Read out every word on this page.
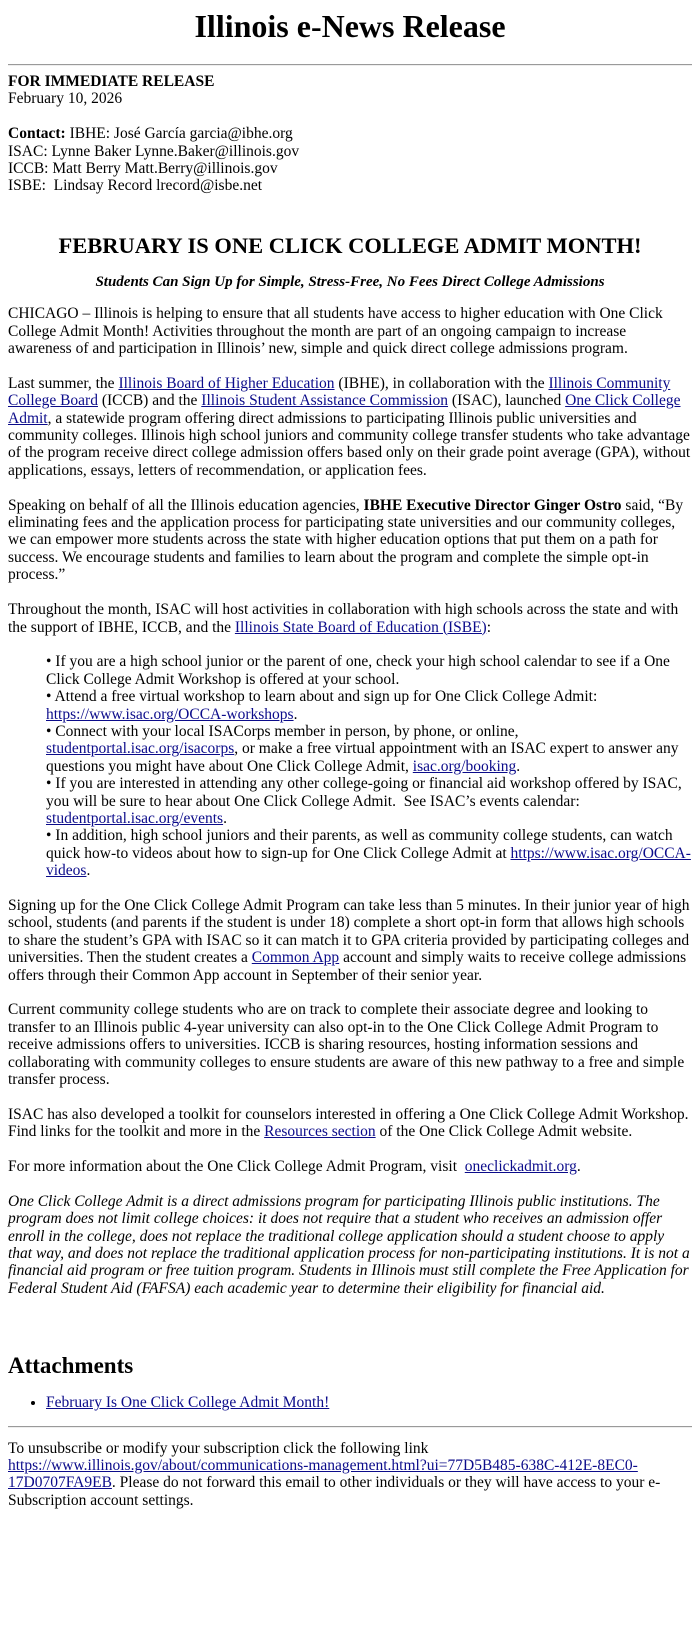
Illinois e-News Release
FOR IMMEDIATE RELEASE
February 10, 2026
Contact: IBHE: José García garcia@ibhe.org
ISAC: Lynne Baker Lynne.Baker@illinois.gov
ICCB: Matt Berry Matt.Berry@illinois.gov
ISBE:  Lindsay Record lrecord@isbe.net
FEBRUARY IS ONE CLICK COLLEGE ADMIT MONTH!
Students Can Sign Up for Simple, Stress-Free, No Fees Direct College Admissions

CHICAGO – Illinois is helping to ensure that all students have access to higher education with One Click College Admit Month! Activities throughout the month are part of an ongoing campaign to increase awareness of and participation in Illinois’ new, simple and quick direct college admissions program.

Last summer, the Illinois Board of Higher Education (IBHE), in collaboration with the Illinois Community College Board (ICCB) and the Illinois Student Assistance Commission (ISAC), launched One Click College Admit, a statewide program offering direct admissions to participating Illinois public universities and community colleges. Illinois high school juniors and community college transfer students who take advantage of the program receive direct college admission offers based only on their grade point average (GPA), without applications, essays, letters of recommendation, or application fees.

Speaking on behalf of all the Illinois education agencies, IBHE Executive Director Ginger Ostro said, “By eliminating fees and the application process for participating state universities and our community colleges, we can empower more students across the state with higher education options that put them on a path for success. We encourage students and families to learn about the program and complete the simple opt-in process.”

Throughout the month, ISAC will host activities in collaboration with high schools across the state and with the support of IBHE, ICCB, and the Illinois State Board of Education (ISBE):

• If you are a high school junior or the parent of one, check your high school calendar to see if a One Click College Admit Workshop is offered at your school.
• Attend a free virtual workshop to learn about and sign up for One Click College Admit: https://www.isac.org/OCCA-workshops.
• Connect with your local ISACorps member in person, by phone, or online, studentportal.isac.org/isacorps, or make a free virtual appointment with an ISAC expert to answer any questions you might have about One Click College Admit, isac.org/booking.
• If you are interested in attending any other college-going or financial aid workshop offered by ISAC, you will be sure to hear about One Click College Admit.  See ISAC’s events calendar: studentportal.isac.org/events.
• In addition, high school juniors and their parents, as well as community college students, can watch quick how-to videos about how to sign-up for One Click College Admit at https://www.isac.org/OCCA-videos.

Signing up for the One Click College Admit Program can take less than 5 minutes. In their junior year of high school, students (and parents if the student is under 18) complete a short opt-in form that allows high schools to share the student’s GPA with ISAC so it can match it to GPA criteria provided by participating colleges and universities. Then the student creates a Common App account and simply waits to receive college admissions offers through their Common App account in September of their senior year.

Current community college students who are on track to complete their associate degree and looking to transfer to an Illinois public 4-year university can also opt-in to the One Click College Admit Program to receive admissions offers to universities. ICCB is sharing resources, hosting information sessions and collaborating with community colleges to ensure students are aware of this new pathway to a free and simple transfer process.

ISAC has also developed a toolkit for counselors interested in offering a One Click College Admit Workshop. Find links for the toolkit and more in the Resources section of the One Click College Admit website.

For more information about the One Click College Admit Program, visit  oneclickadmit.org.

One Click College Admit is a direct admissions program for participating Illinois public institutions. The program does not limit college choices: it does not require that a student who receives an admission offer enroll in the college, does not replace the traditional college application should a student choose to apply that way, and does not replace the traditional application process for non-participating institutions. It is not a financial aid program or free tuition program. Students in Illinois must still complete the Free Application for Federal Student Aid (FAFSA) each academic year to determine their eligibility for financial aid.

Attachments
• February Is One Click College Admit Month!
To unsubscribe or modify your subscription click the following link https://www.illinois.gov/about/communications-management.html?ui=77D5B485-638C-412E-8EC0-17D0707FA9EB. Please do not forward this email to other individuals or they will have access to your e-Subscription account settings.
